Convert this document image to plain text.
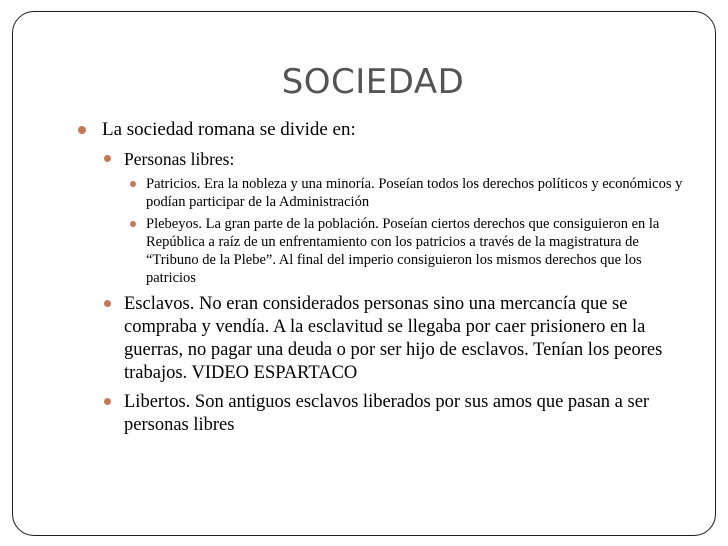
SOCIEDAD
La sociedad romana se divide en:
Personas libres:
Patricios. Era la nobleza y una minoría. Poseían todos los derechos políticos y económicos y podían participar de la Administración
Plebeyos. La gran parte de la población. Poseían ciertos derechos que consiguieron en la República a raíz de un enfrentamiento con los patricios a través de la magistratura de “Tribuno de la Plebe”. Al final del imperio consiguieron los mismos derechos que los patricios
Esclavos. No eran considerados personas sino una mercancía que se compraba y vendía. A la esclavitud se llegaba por caer prisionero en la guerras, no pagar una deuda o por ser hijo de esclavos. Tenían los peores trabajos. VIDEO ESPARTACO
Libertos. Son antiguos esclavos liberados por sus amos que pasan a ser personas libres
